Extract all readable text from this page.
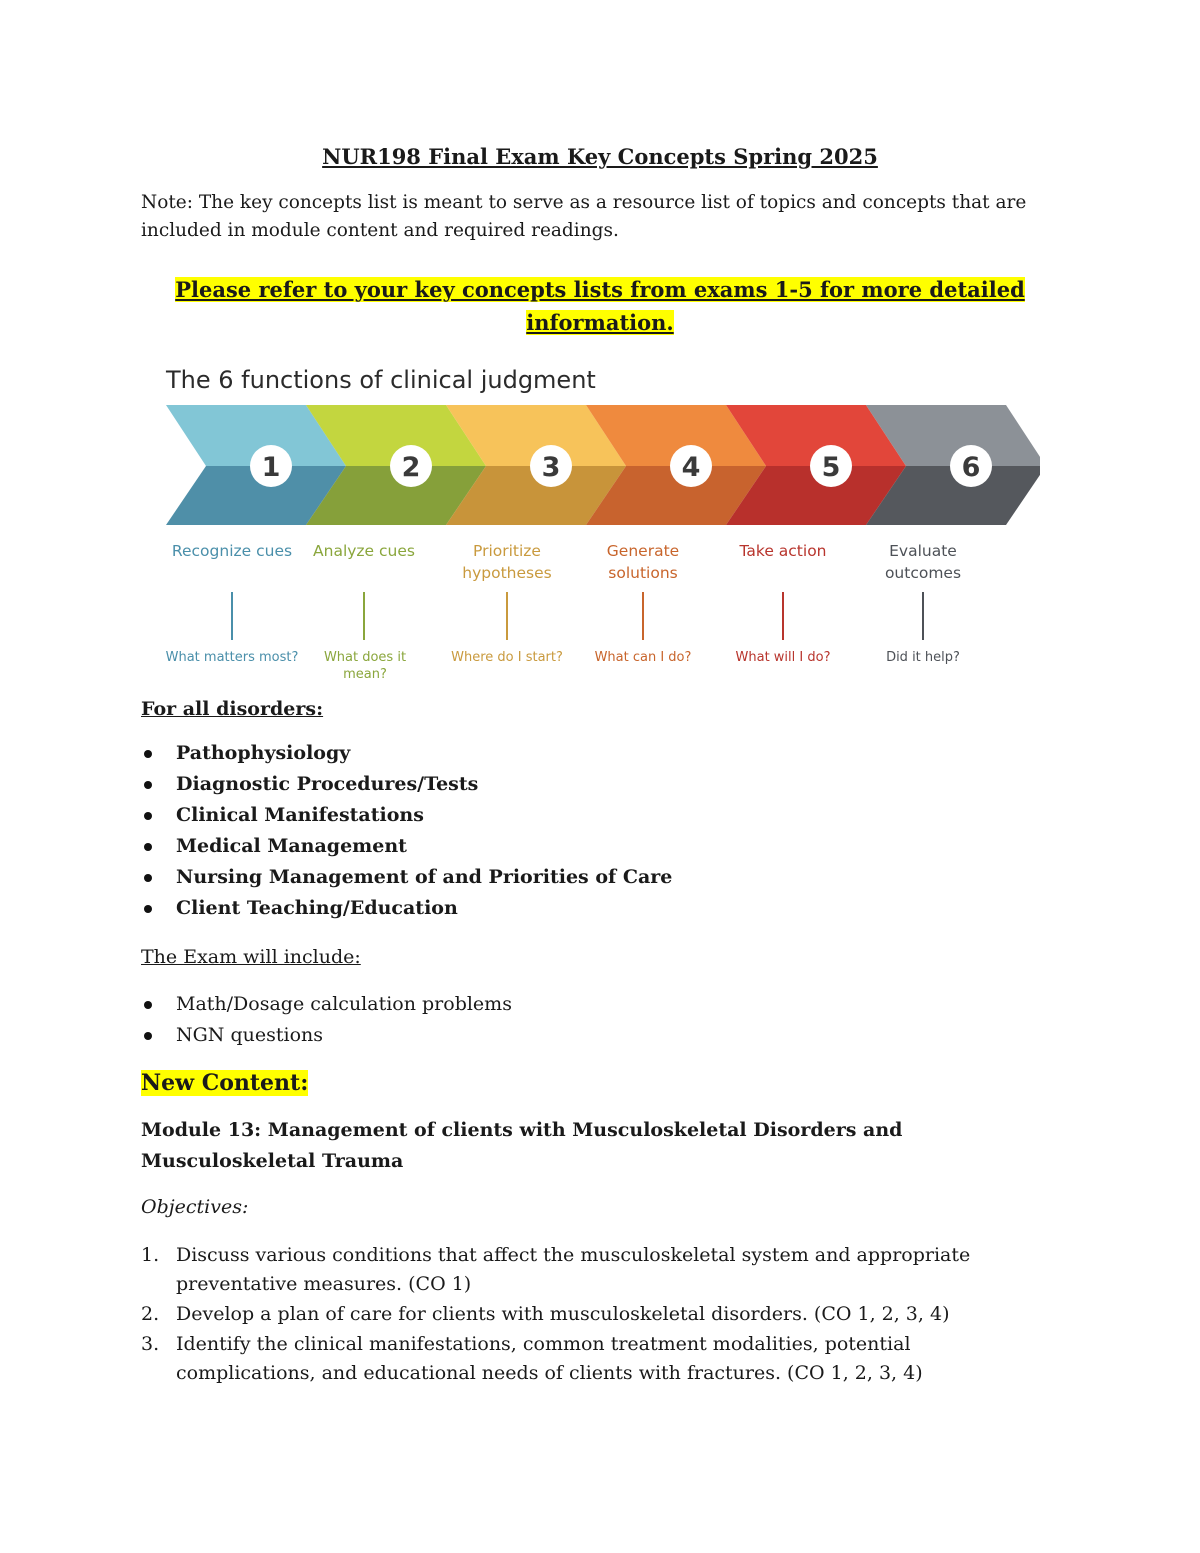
NUR198 Final Exam Key Concepts Spring 2025
Note: The key concepts list is meant to serve as a resource list of topics and concepts that are included in module content and required readings.
Please refer to your key concepts lists from exams 1-5 for more detailed information.
The 6 functions of clinical judgment
1	2	3	4	5	6
Recognize cues	Analyze cues	Prioritize hypotheses
Generate solutions
Take action	Evaluate outcomes
What matters most?	What does it mean?
Where do I start?	What can I do?	What will I do?	Did it help?
For all disorders:
Pathophysiology
Diagnostic Procedures/Tests
Clinical Manifestations
Medical Management
Nursing Management of and Priorities of Care
Client Teaching/Education
The Exam will include:
Math/Dosage calculation problems
NGN questions
New Content:
Module 13: Management of clients with Musculoskeletal Disorders and Musculoskeletal Trauma
Objectives:
1. Discuss various conditions that affect the musculoskeletal system and appropriate preventative measures. (CO 1)
2. Develop a plan of care for clients with musculoskeletal disorders. (CO 1, 2, 3, 4)
3. Identify the clinical manifestations, common treatment modalities, potential complications, and educational needs of clients with fractures. (CO 1, 2, 3, 4)
